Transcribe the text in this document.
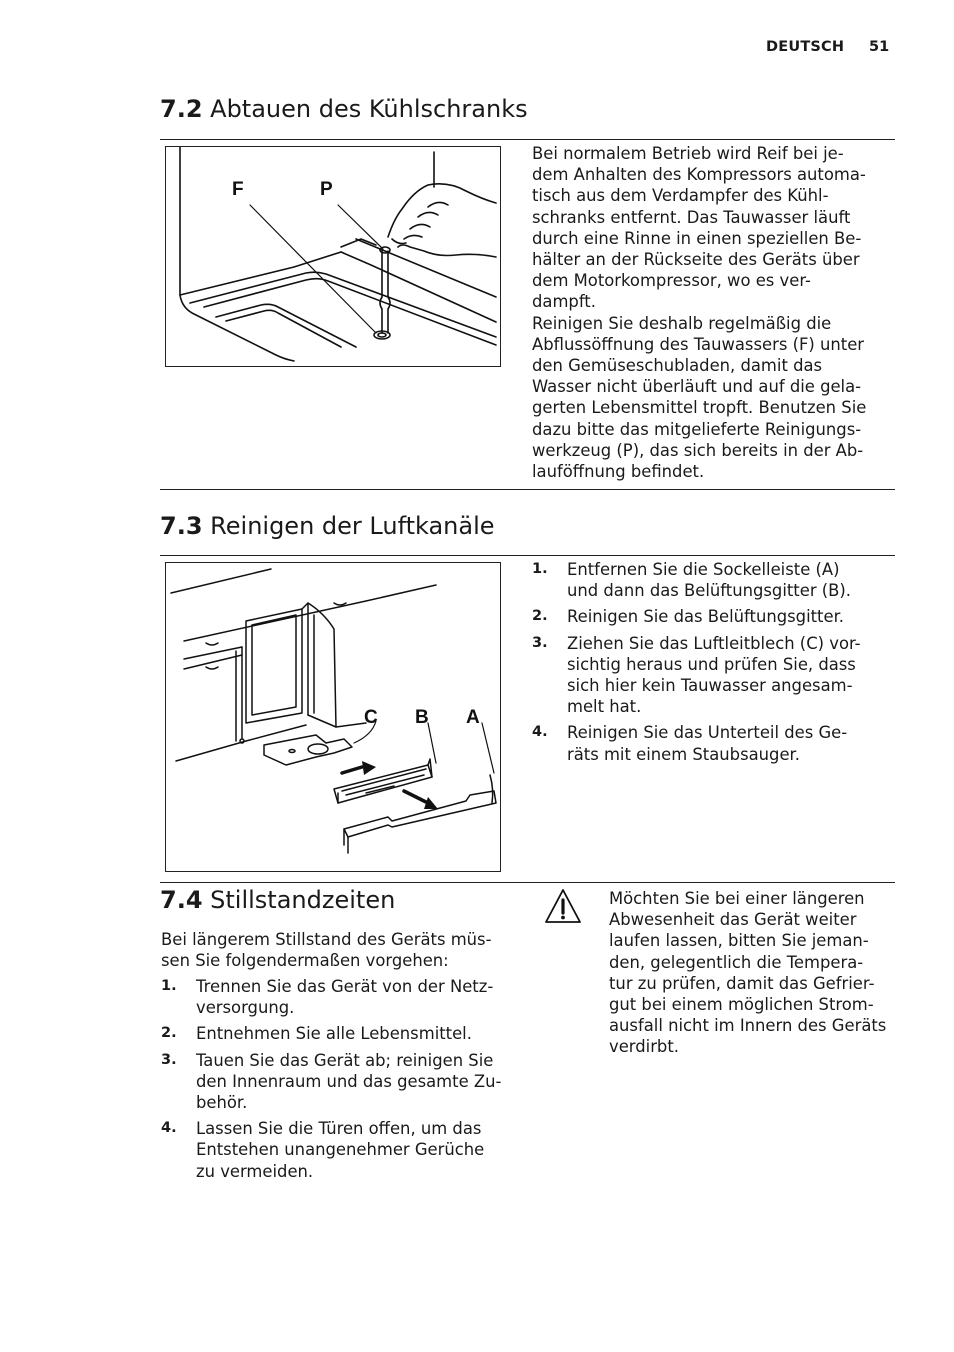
DEUTSCH 51
7.2 Abtauen des Kühlschranks
F	P
Bei normalem Betrieb wird Reif bei je-
dem Anhalten des Kompressors automa-
tisch aus dem Verdampfer des Kühl-
schranks entfernt. Das Tauwasser läuft
durch eine Rinne in einen speziellen Be-
hälter an der Rückseite des Geräts über
dem Motorkompressor, wo es ver-
dampft.
Reinigen Sie deshalb regelmäßig die
Abflussöffnung des Tauwassers (F) unter
den Gemüseschubladen, damit das
Wasser nicht überläuft und auf die gela-
gerten Lebensmittel tropft. Benutzen Sie
dazu bitte das mitgelieferte Reinigungs-
werkzeug (P), das sich bereits in der Ab-
lauföffnung befindet.
7.3 Reinigen der Luftkanäle
C B A
1. Entfernen Sie die Sockelleiste (A)
und dann das Belüftungsgitter (B).
2. Reinigen Sie das Belüftungsgitter.
3. Ziehen Sie das Luftleitblech (C) vor-
sichtig heraus und prüfen Sie, dass
sich hier kein Tauwasser angesam-
melt hat.
4. Reinigen Sie das Unterteil des Ge-
räts mit einem Staubsauger.
7.4 Stillstandzeiten
Bei längerem Stillstand des Geräts müs-
sen Sie folgendermaßen vorgehen:
1. Trennen Sie das Gerät von der Netz-
versorgung.
2. Entnehmen Sie alle Lebensmittel.
3. Tauen Sie das Gerät ab; reinigen Sie
den Innenraum und das gesamte Zu-
behör.
4. Lassen Sie die Türen offen, um das
Entstehen unangenehmer Gerüche
zu vermeiden.
Möchten Sie bei einer längeren
Abwesenheit das Gerät weiter
laufen lassen, bitten Sie jeman-
den, gelegentlich die Tempera-
tur zu prüfen, damit das Gefrier-
gut bei einem möglichen Strom-
ausfall nicht im Innern des Geräts
verdirbt.
